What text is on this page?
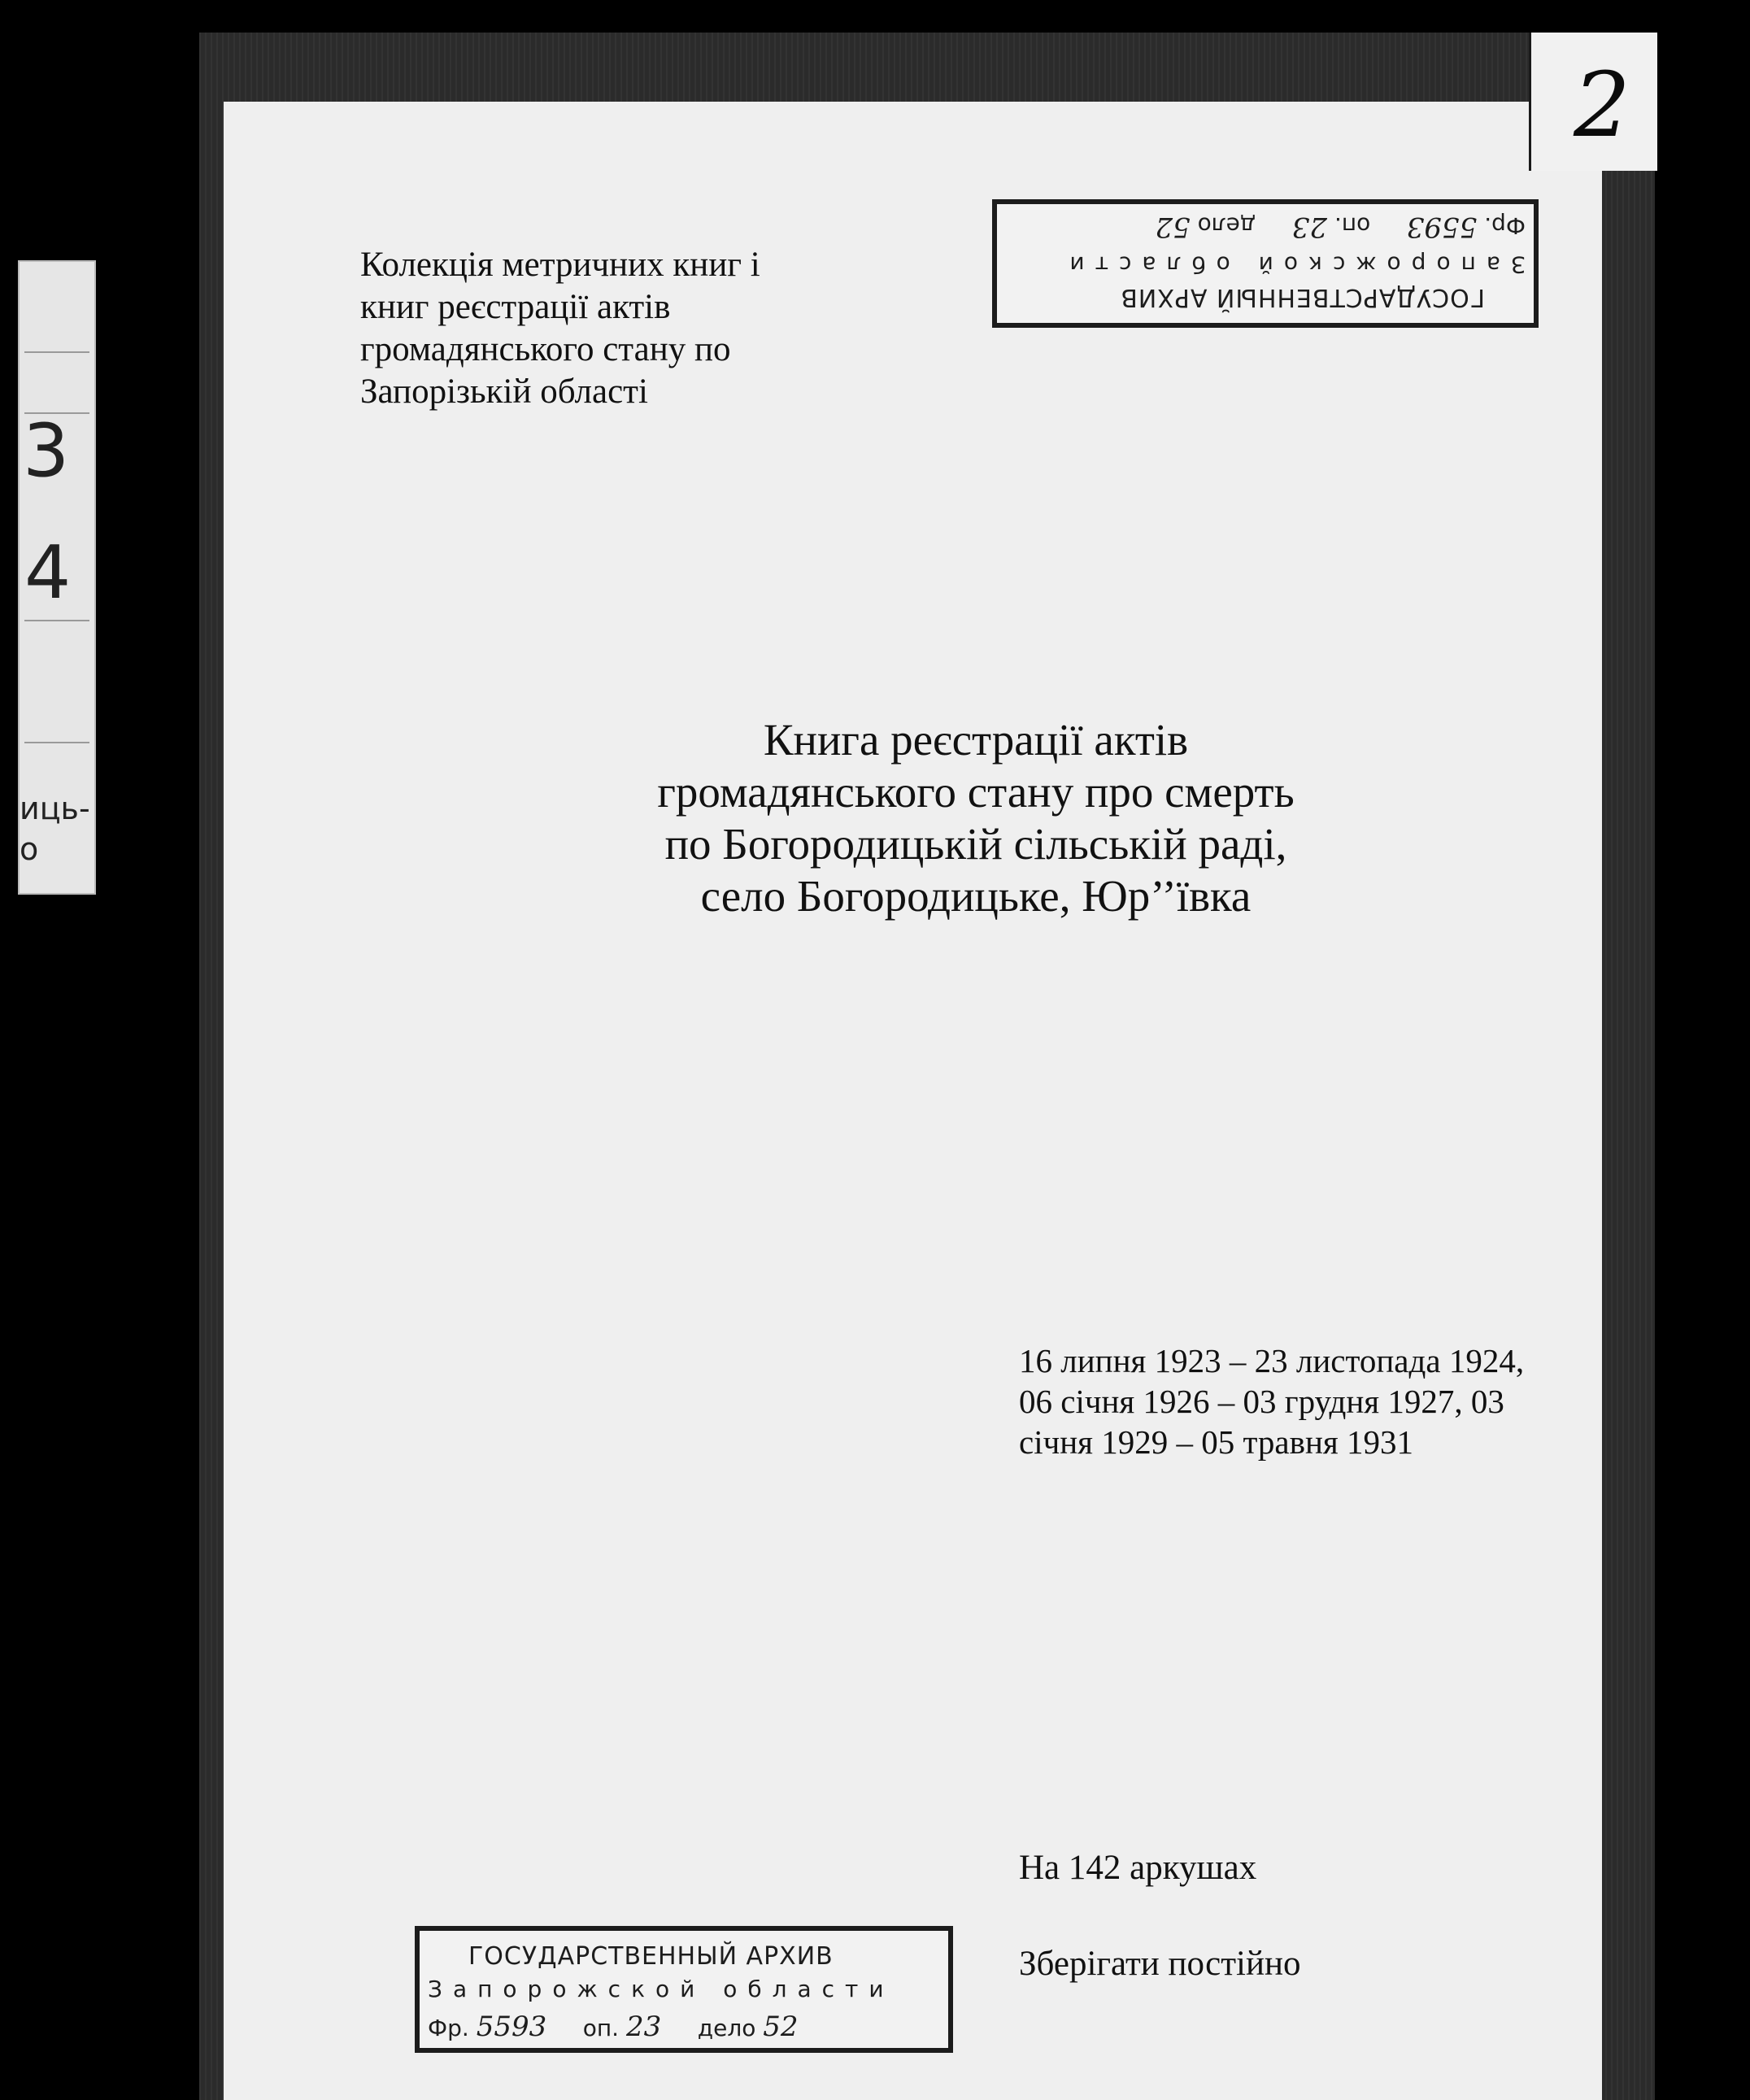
3
4
иць-
о
2
ГОСУДАРСТВЕННЫЙ АРХИВ
Запорожской области
Фр. 5593     оп. 23     дело 52
Колекція метричних книг і
книг реєстрації актів
громадянського стану по
Запорізькій області
Книга реєстрації актів
громадянського стану про смерть
по Богородицькій сільській раді,
село Богородицьке, Юр’’ївка
16 липня 1923 – 23 листопада 1924,
06 січня 1926 – 03 грудня 1927, 03
січня 1929 – 05 травня 1931
На 142 аркушах
Зберігати постійно
ГОСУДАРСТВЕННЫЙ АРХИВ
Запорожской области
Фр. 5593 оп. 23 дело 52
